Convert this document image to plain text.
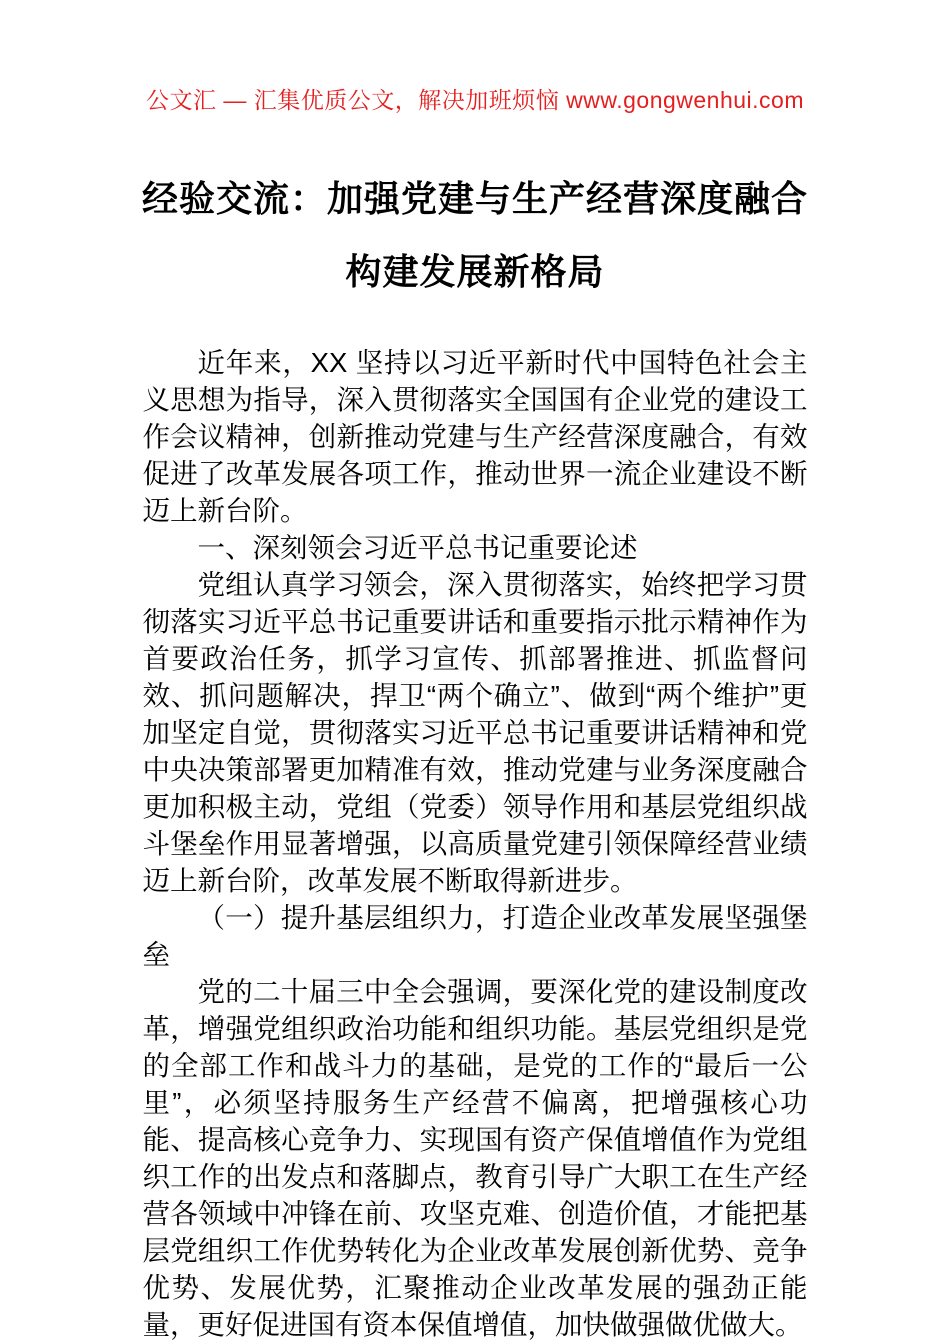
公文汇 — 汇集优质公文，解决加班烦恼 www.gongwenhui.com
经验交流：加强党建与生产经营深度融合
构建发展新格局

近年来，XX 坚持以习近平新时代中国特色社会主义思想为指导，深入贯彻落实全国国有企业党的建设工作会议精神，创新推动党建与生产经营深度融合，有效促进了改革发展各项工作，推动世界一流企业建设不断迈上新台阶。

一、深刻领会习近平总书记重要论述

党组认真学习领会，深入贯彻落实，始终把学习贯彻落实习近平总书记重要讲话和重要指示批示精神作为首要政治任务，抓学习宣传、抓部署推进、抓监督问效、抓问题解决，捍卫“两个确立”、做到“两个维护”更加坚定自觉，贯彻落实习近平总书记重要讲话精神和党中央决策部署更加精准有效，推动党建与业务深度融合更加积极主动，党组（党委）领导作用和基层党组织战斗堡垒作用显著增强，以高质量党建引领保障经营业绩迈上新台阶，改革发展不断取得新进步。

（一）提升基层组织力，打造企业改革发展坚强堡垒

党的二十届三中全会强调，要深化党的建设制度改革，增强党组织政治功能和组织功能。基层党组织是党的全部工作和战斗力的基础，是党的工作的“最后一公里”，必须坚持服务生产经营不偏离，把增强核心功能、提高核心竞争力、实现国有资产保值增值作为党组织工作的出发点和落脚点，教育引导广大职工在生产经营各领域中冲锋在前、攻坚克难、创造价值，才能把基层党组织工作优势转化为企业改革发展创新优势、竞争优势、发展优势，汇聚推动企业改革发展的强劲正能量，更好促进国有资本保值增值，加快做强做优做大。
